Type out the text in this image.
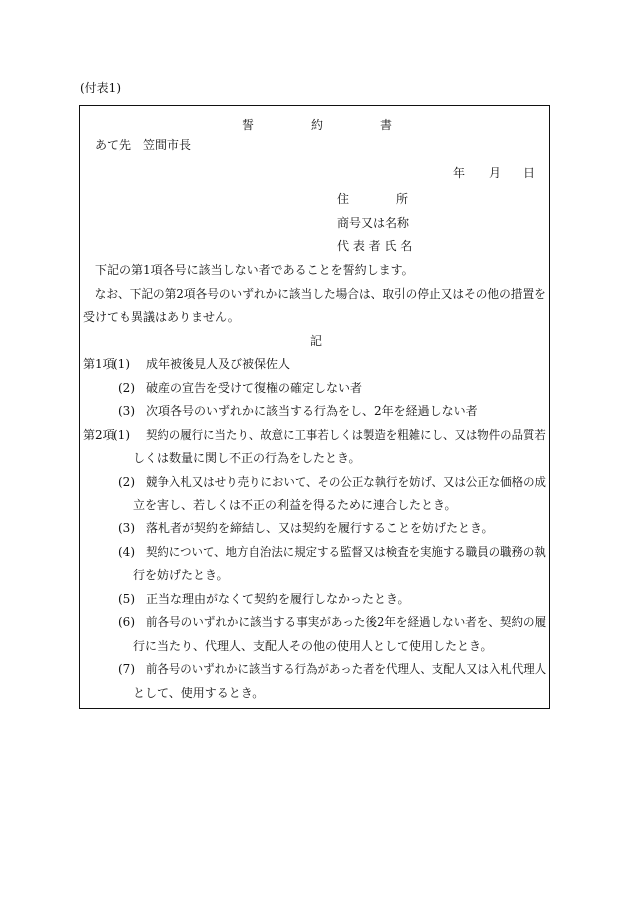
(付表1)
誓	約	書
あて先　笠間市長
年 月 日
住	所
商号又は名称
代 表 者 氏 名
　下記の第1項各号に該当しない者であることを誓約します。
　なお、下記の第2項各号のいずれかに該当した場合は、取引の停止又はその他の措置を
受けても異議はありません。
記
第1項
(1) 成年被後見人及び被保佐人
(2) 破産の宣告を受けて復権の確定しない者
(3) 次項各号のいずれかに該当する行為をし、2年を経過しない者
第2項
(1) 契約の履行に当たり、故意に工事若しくは製造を粗雑にし、又は物件の品質若
しくは数量に関し不正の行為をしたとき。
(2) 競争入札又はせり売りにおいて、その公正な執行を妨げ、又は公正な価格の成
立を害し、若しくは不正の利益を得るために連合したとき。
(3) 落札者が契約を締結し、又は契約を履行することを妨げたとき。
(4) 契約について、地方自治法に規定する監督又は検査を実施する職員の職務の執
行を妨げたとき。
(5) 正当な理由がなくて契約を履行しなかったとき。
(6) 前各号のいずれかに該当する事実があった後2年を経過しない者を、契約の履
行に当たり、代理人、支配人その他の使用人として使用したとき。
(7) 前各号のいずれかに該当する行為があった者を代理人、支配人又は入札代理人
として、使用するとき。
